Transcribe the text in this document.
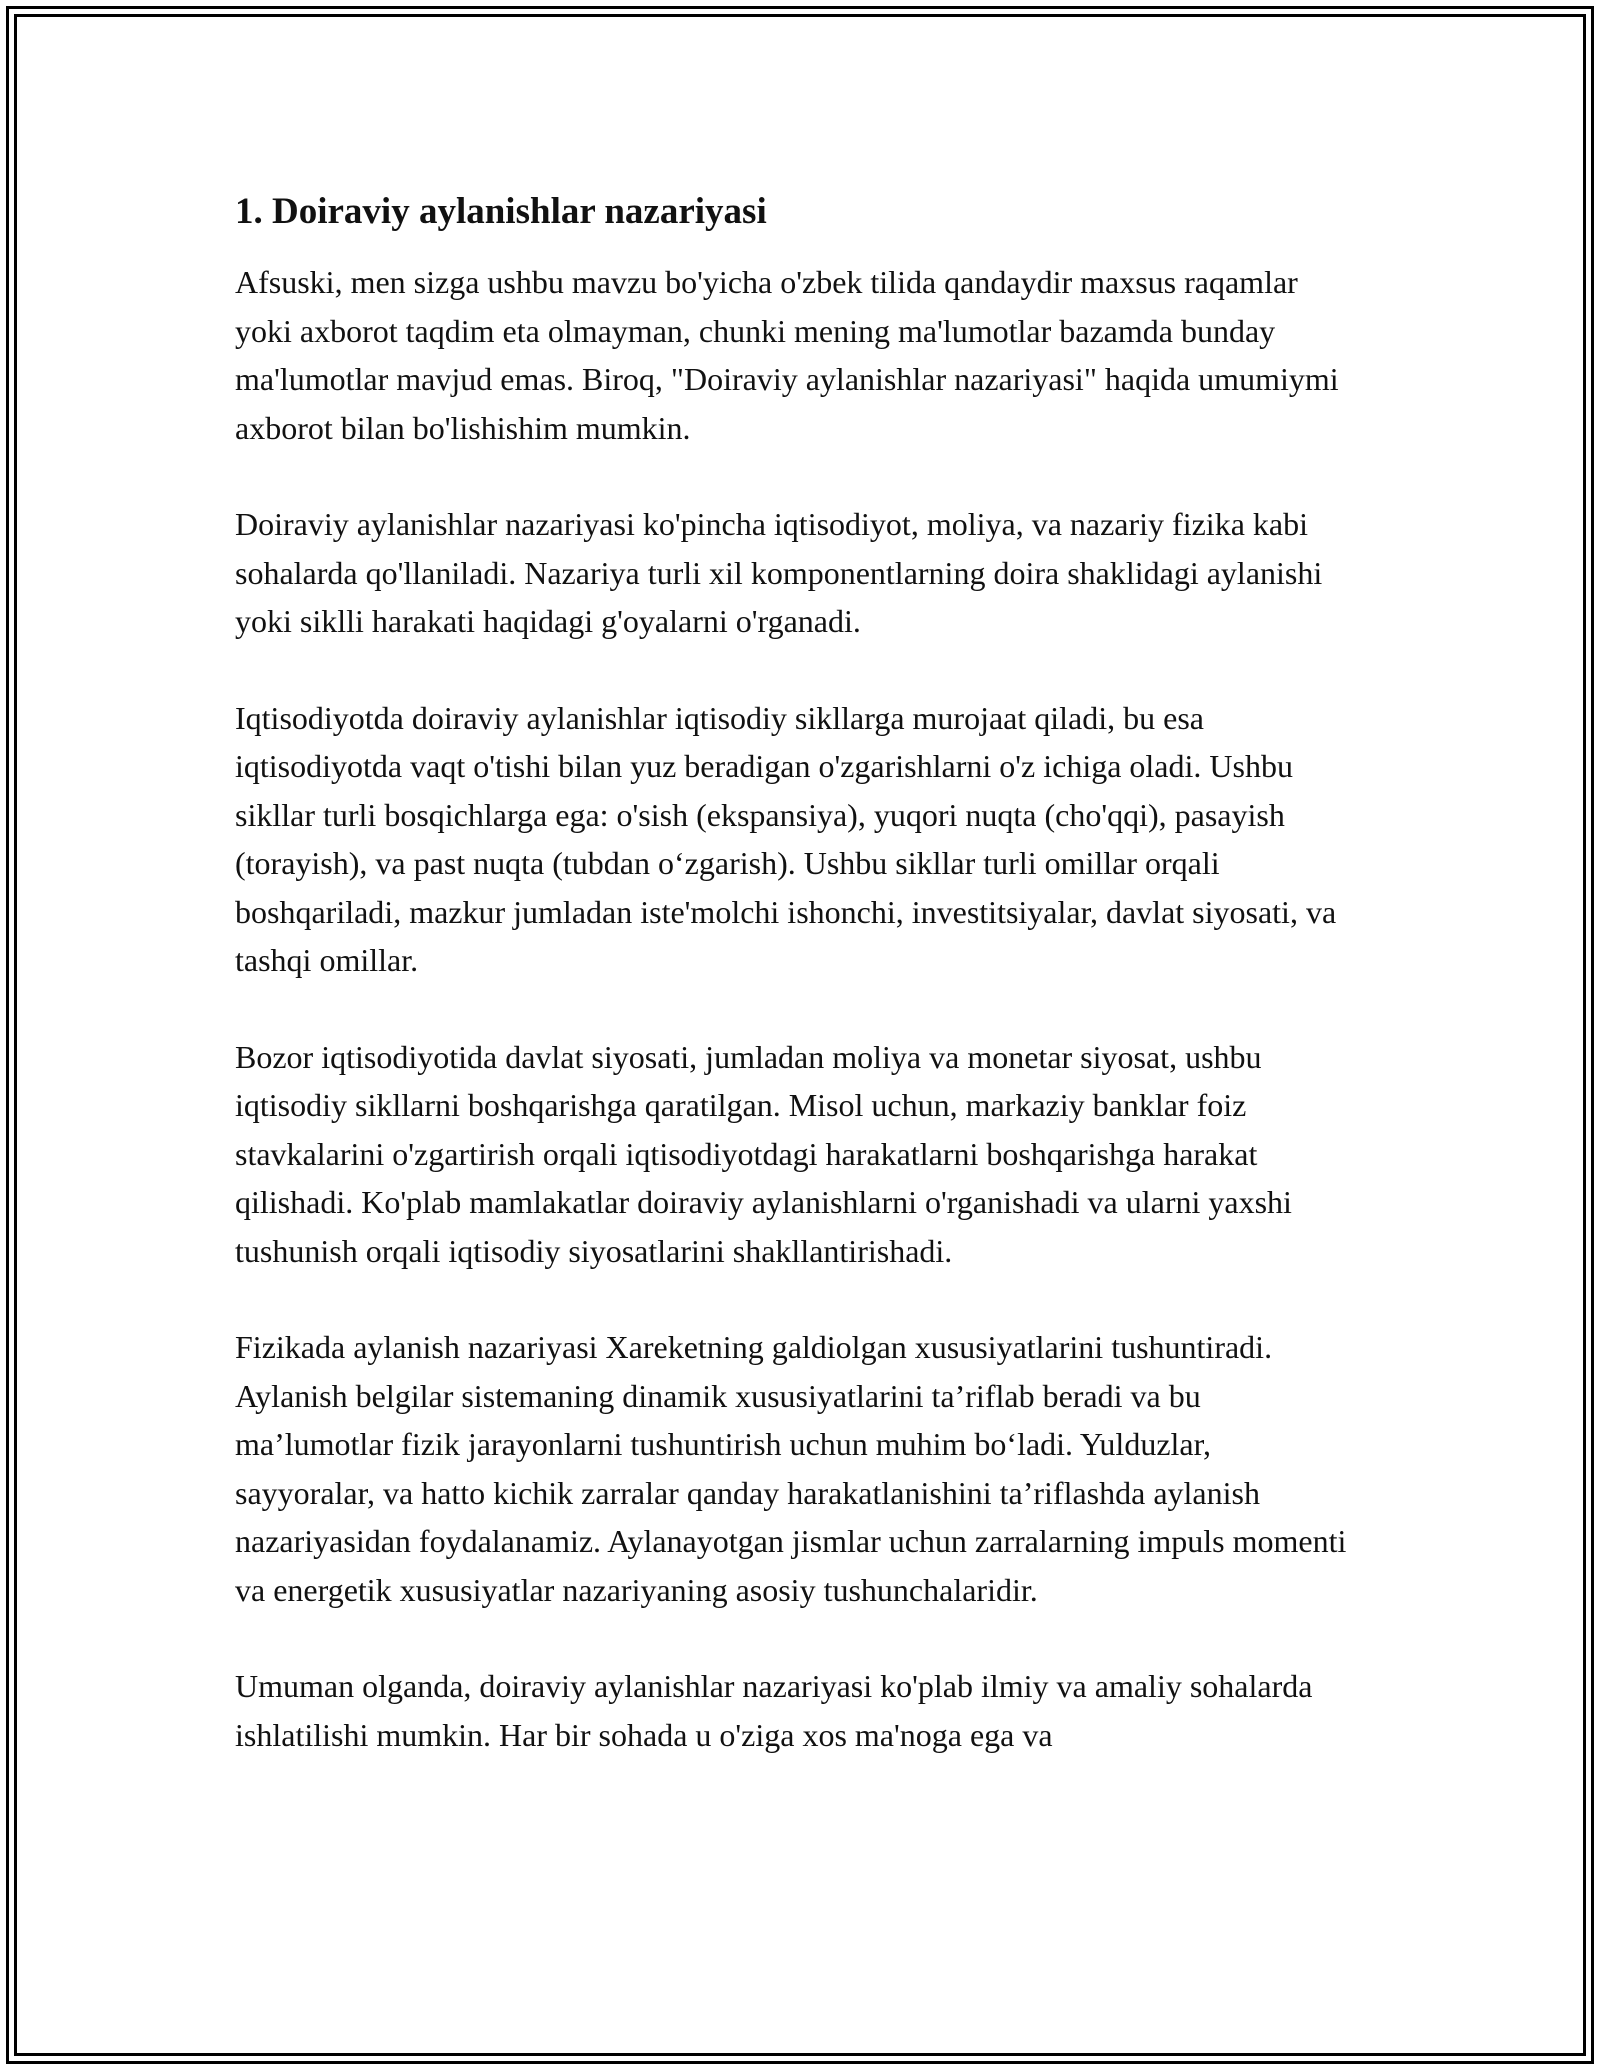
1. Doiraviy aylanishlar nazariyasi

Afsuski, men sizga ushbu mavzu bo'yicha o'zbek tilida qandaydir maxsus raqamlar yoki axborot taqdim eta olmayman, chunki mening ma'lumotlar bazamda bunday ma'lumotlar mavjud emas. Biroq, "Doiraviy aylanishlar nazariyasi" haqida umumiymi axborot bilan bo'lishishim mumkin.

Doiraviy aylanishlar nazariyasi ko'pincha iqtisodiyot, moliya, va nazariy fizika kabi sohalarda qo'llaniladi. Nazariya turli xil komponentlarning doira shaklidagi aylanishi yoki siklli harakati haqidagi g'oyalarni o'rganadi.

Iqtisodiyotda doiraviy aylanishlar iqtisodiy sikllarga murojaat qiladi, bu esa iqtisodiyotda vaqt o'tishi bilan yuz beradigan o'zgarishlarni o'z ichiga oladi. Ushbu sikllar turli bosqichlarga ega: o'sish (ekspansiya), yuqori nuqta (cho'qqi), pasayish (torayish), va past nuqta (tubdan o‘zgarish). Ushbu sikllar turli omillar orqali boshqariladi, mazkur jumladan iste'molchi ishonchi, investitsiyalar, davlat siyosati, va tashqi omillar.

Bozor iqtisodiyotida davlat siyosati, jumladan moliya va monetar siyosat, ushbu iqtisodiy sikllarni boshqarishga qaratilgan. Misol uchun, markaziy banklar foiz stavkalarini o'zgartirish orqali iqtisodiyotdagi harakatlarni boshqarishga harakat qilishadi. Ko'plab mamlakatlar doiraviy aylanishlarni o'rganishadi va ularni yaxshi tushunish orqali iqtisodiy siyosatlarini shakllantirishadi.

Fizikada aylanish nazariyasi Xareketning galdiolgan xususiyatlarini tushuntiradi. Aylanish belgilar sistemaning dinamik xususiyatlarini ta’riflab beradi va bu ma’lumotlar fizik jarayonlarni tushuntirish uchun muhim bo‘ladi. Yulduzlar, sayyoralar, va hatto kichik zarralar qanday harakatlanishini ta’riflashda aylanish nazariyasidan foydalanamiz. Aylanayotgan jismlar uchun zarralarning impuls momenti va energetik xususiyatlar nazariyaning asosiy tushunchalaridir.

Umuman olganda, doiraviy aylanishlar nazariyasi ko'plab ilmiy va amaliy sohalarda ishlatilishi mumkin. Har bir sohada u o'ziga xos ma'noga ega va
